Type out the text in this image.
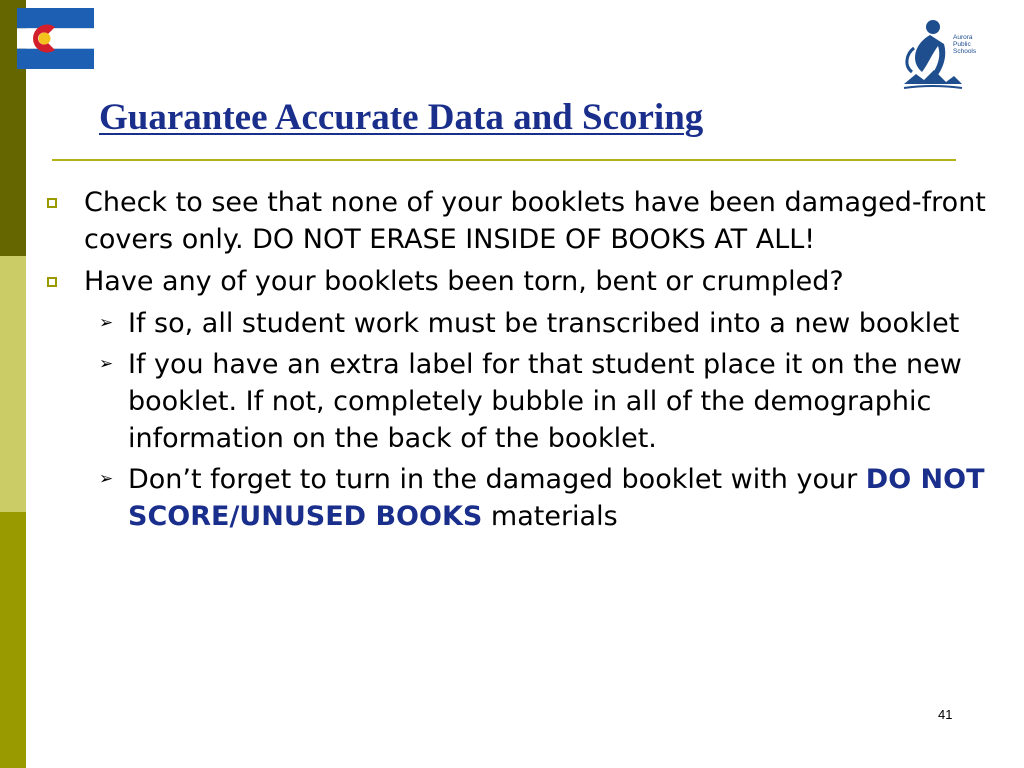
Aurora
Public
Schools
Guarantee Accurate Data and Scoring
Check to see that none of your booklets have been damaged-front covers only. DO NOT ERASE INSIDE OF BOOKS AT ALL!
Have any of your booklets been torn, bent or crumpled?
➢ If so, all student work must be transcribed into a new booklet
➢ If you have an extra label for that student place it on the new booklet. If not, completely bubble in all of the demographic information on the back of the booklet.
➢ Don’t forget to turn in the damaged booklet with your DO NOT SCORE/UNUSED BOOKS materials
41
